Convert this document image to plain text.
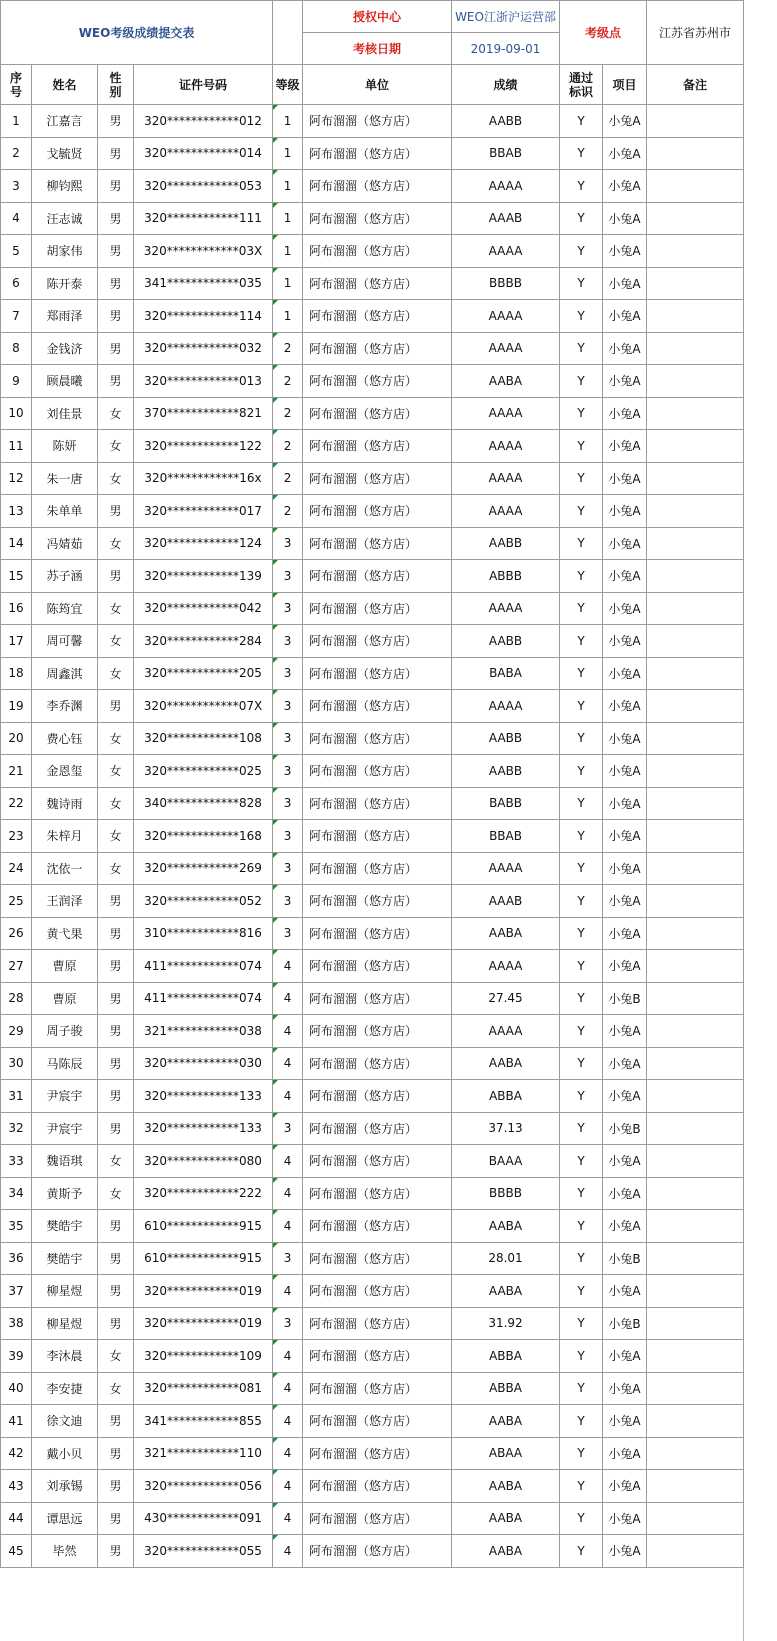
WEO考级成绩提交表					授权中心	WEO江浙沪运营部	考级点		江苏省苏州市
					考核日期	2019-09-01			
序号	姓名	性别	证件号码	等级	单位	成绩	通过标识	项目	备注
1	江嘉言	男	320************012	1	阿布溜溜（悠方店）	AABB	Y	小兔A	
2	戈毓贤	男	320************014	1	阿布溜溜（悠方店）	BBAB	Y	小兔A	
3	柳钧熙	男	320************053	1	阿布溜溜（悠方店）	AAAA	Y	小兔A	
4	汪志诚	男	320************111	1	阿布溜溜（悠方店）	AAAB	Y	小兔A	
5	胡家伟	男	320************03X	1	阿布溜溜（悠方店）	AAAA	Y	小兔A	
6	陈开泰	男	341************035	1	阿布溜溜（悠方店）	BBBB	Y	小兔A	
7	郑雨泽	男	320************114	1	阿布溜溜（悠方店）	AAAA	Y	小兔A	
8	金钱济	男	320************032	2	阿布溜溜（悠方店）	AAAA	Y	小兔A	
9	顾晨曦	男	320************013	2	阿布溜溜（悠方店）	AABA	Y	小兔A	
10	刘佳景	女	370************821	2	阿布溜溜（悠方店）	AAAA	Y	小兔A	
11	陈妍	女	320************122	2	阿布溜溜（悠方店）	AAAA	Y	小兔A	
12	朱一唐	女	320************16x	2	阿布溜溜（悠方店）	AAAA	Y	小兔A	
13	朱单单	男	320************017	2	阿布溜溜（悠方店）	AAAA	Y	小兔A	
14	冯婧茹	女	320************124	3	阿布溜溜（悠方店）	AABB	Y	小兔A	
15	苏子涵	男	320************139	3	阿布溜溜（悠方店）	ABBB	Y	小兔A	
16	陈筠宜	女	320************042	3	阿布溜溜（悠方店）	AAAA	Y	小兔A	
17	周可馨	女	320************284	3	阿布溜溜（悠方店）	AABB	Y	小兔A	
18	周鑫淇	女	320************205	3	阿布溜溜（悠方店）	BABA	Y	小兔A	
19	李乔渊	男	320************07X	3	阿布溜溜（悠方店）	AAAA	Y	小兔A	
20	费心钰	女	320************108	3	阿布溜溜（悠方店）	AABB	Y	小兔A	
21	金恩玺	女	320************025	3	阿布溜溜（悠方店）	AABB	Y	小兔A	
22	魏诗雨	女	340************828	3	阿布溜溜（悠方店）	BABB	Y	小兔A	
23	朱梓月	女	320************168	3	阿布溜溜（悠方店）	BBAB	Y	小兔A	
24	沈依一	女	320************269	3	阿布溜溜（悠方店）	AAAA	Y	小兔A	
25	王润泽	男	320************052	3	阿布溜溜（悠方店）	AAAB	Y	小兔A	
26	黄弋果	男	310************816	3	阿布溜溜（悠方店）	AABA	Y	小兔A	
27	曹原	男	411************074	4	阿布溜溜（悠方店）	AAAA	Y	小兔A	
28	曹原	男	411************074	4	阿布溜溜（悠方店）	27.45	Y	小兔B	
29	周子骏	男	321************038	4	阿布溜溜（悠方店）	AAAA	Y	小兔A	
30	马陈辰	男	320************030	4	阿布溜溜（悠方店）	AABA	Y	小兔A	
31	尹宸宇	男	320************133	4	阿布溜溜（悠方店）	ABBA	Y	小兔A	
32	尹宸宇	男	320************133	3	阿布溜溜（悠方店）	37.13	Y	小兔B	
33	魏语琪	女	320************080	4	阿布溜溜（悠方店）	BAAA	Y	小兔A	
34	黄斯予	女	320************222	4	阿布溜溜（悠方店）	BBBB	Y	小兔A	
35	樊皓宇	男	610************915	4	阿布溜溜（悠方店）	AABA	Y	小兔A	
36	樊皓宇	男	610************915	3	阿布溜溜（悠方店）	28.01	Y	小兔B	
37	柳星煜	男	320************019	4	阿布溜溜（悠方店）	AABA	Y	小兔A	
38	柳星煜	男	320************019	3	阿布溜溜（悠方店）	31.92	Y	小兔B	
39	李沐晨	女	320************109	4	阿布溜溜（悠方店）	ABBA	Y	小兔A	
40	李安捷	女	320************081	4	阿布溜溜（悠方店）	ABBA	Y	小兔A	
41	徐文迪	男	341************855	4	阿布溜溜（悠方店）	AABA	Y	小兔A	
42	戴小贝	男	321************110	4	阿布溜溜（悠方店）	ABAA	Y	小兔A	
43	刘承锡	男	320************056	4	阿布溜溜（悠方店）	AABA	Y	小兔A	
44	谭思远	男	430************091	4	阿布溜溜（悠方店）	AABA	Y	小兔A	
45	毕然	男	320************055	4	阿布溜溜（悠方店）	AABA	Y	小兔A	
